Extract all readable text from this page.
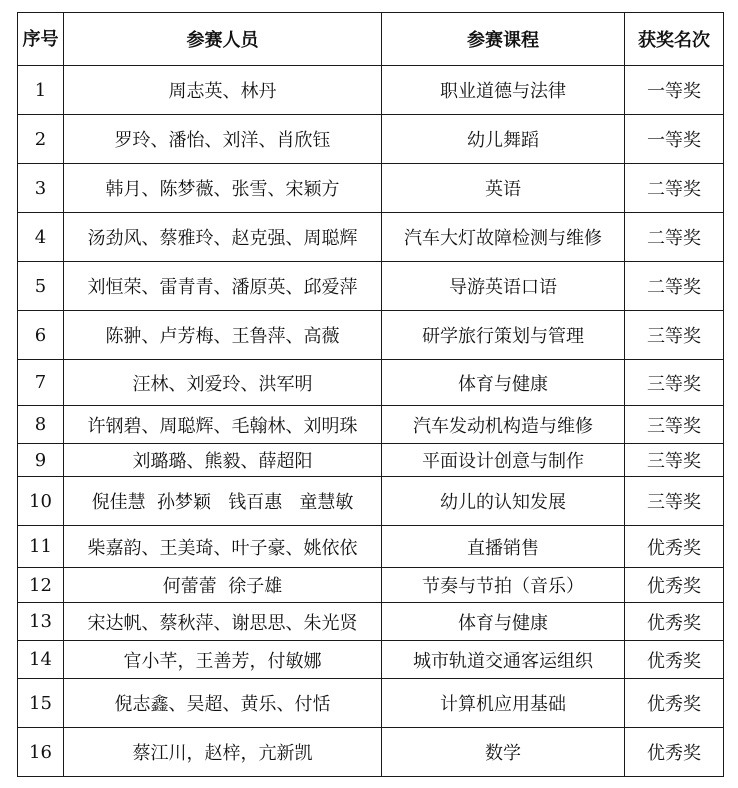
序号	参赛人员	参赛课程	获奖名次
1	周志英、林丹	职业道德与法律	一等奖
2	罗玲、潘怡、刘洋、肖欣钰	幼儿舞蹈	一等奖
3	韩月、陈梦薇、张雪、宋颖方	英语	二等奖
4	汤劲风、蔡雅玲、赵克强、周聪辉	汽车大灯故障检测与维修	二等奖
5	刘恒荣、雷青青、潘原英、邱爱萍	导游英语口语	二等奖
6	陈翀、卢芳梅、王鲁萍、高薇	研学旅行策划与管理	三等奖
7	汪林、刘爱玲、洪军明	体育与健康	三等奖
8	许钢碧、周聪辉、毛翰林、刘明珠	汽车发动机构造与维修	三等奖
9	刘璐璐、熊毅、薛超阳	平面设计创意与制作	三等奖
10	倪佳慧  孙梦颖   钱百惠   童慧敏	幼儿的认知发展	三等奖
11	柴嘉韵、王美琦、叶子豪、姚依依	直播销售	优秀奖
12	何蕾蕾  徐子雄	节奏与节拍（音乐）	优秀奖
13	宋达帆、蔡秋萍、谢思思、朱光贤	体育与健康	优秀奖
14	官小芊，王善芳，付敏娜	城市轨道交通客运组织	优秀奖
15	倪志鑫、吴超、黄乐、付恬	计算机应用基础	优秀奖
16	蔡江川，赵梓，亢新凯	数学	优秀奖
